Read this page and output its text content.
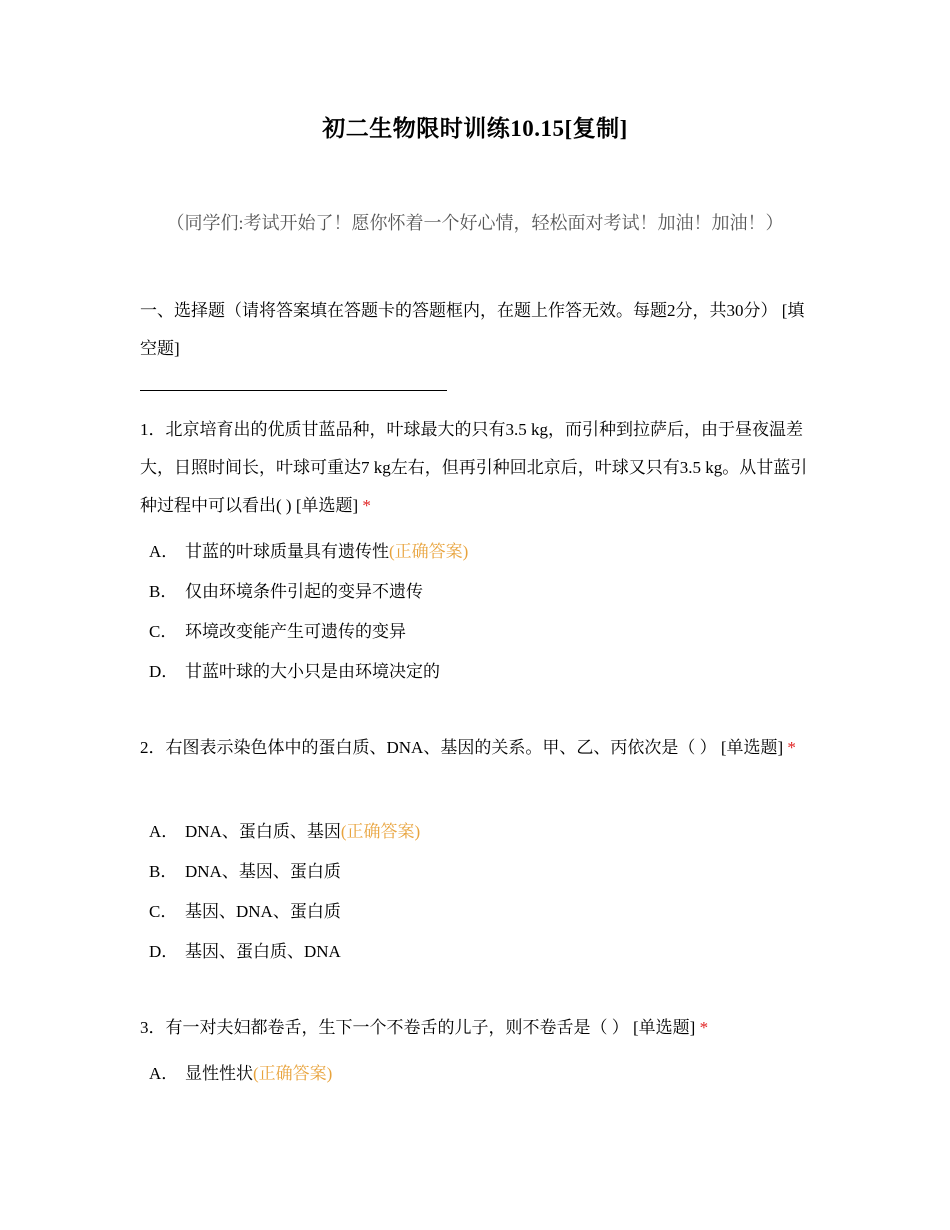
初二生物限时训练10.15[复制]
（同学们:考试开始了！愿你怀着一个好心情，轻松面对考试！加油！加油！）
一、选择题（请将答案填在答题卡的答题框内，在题上作答无效。每题2分，共30分） [填空题]
1．北京培育出的优质甘蓝品种，叶球最大的只有3.5 kg，而引种到拉萨后，由于昼夜温差大，日照时间长，叶球可重达7 kg左右，但再引种回北京后，叶球又只有3.5 kg。从甘蓝引种过程中可以看出( ) [单选题] *
A． 甘蓝的叶球质量具有遗传性(正确答案)
B． 仅由环境条件引起的变异不遗传
C． 环境改变能产生可遗传的变异
D． 甘蓝叶球的大小只是由环境决定的
2．右图表示染色体中的蛋白质、DNA、基因的关系。甲、乙、丙依次是（ ） [单选题] *
A． DNA、蛋白质、基因(正确答案)
B． DNA、基因、蛋白质
C． 基因、DNA、蛋白质
D． 基因、蛋白质、DNA
3．有一对夫妇都卷舌，生下一个不卷舌的儿子，则不卷舌是（ ） [单选题] *
A． 显性性状(正确答案)
